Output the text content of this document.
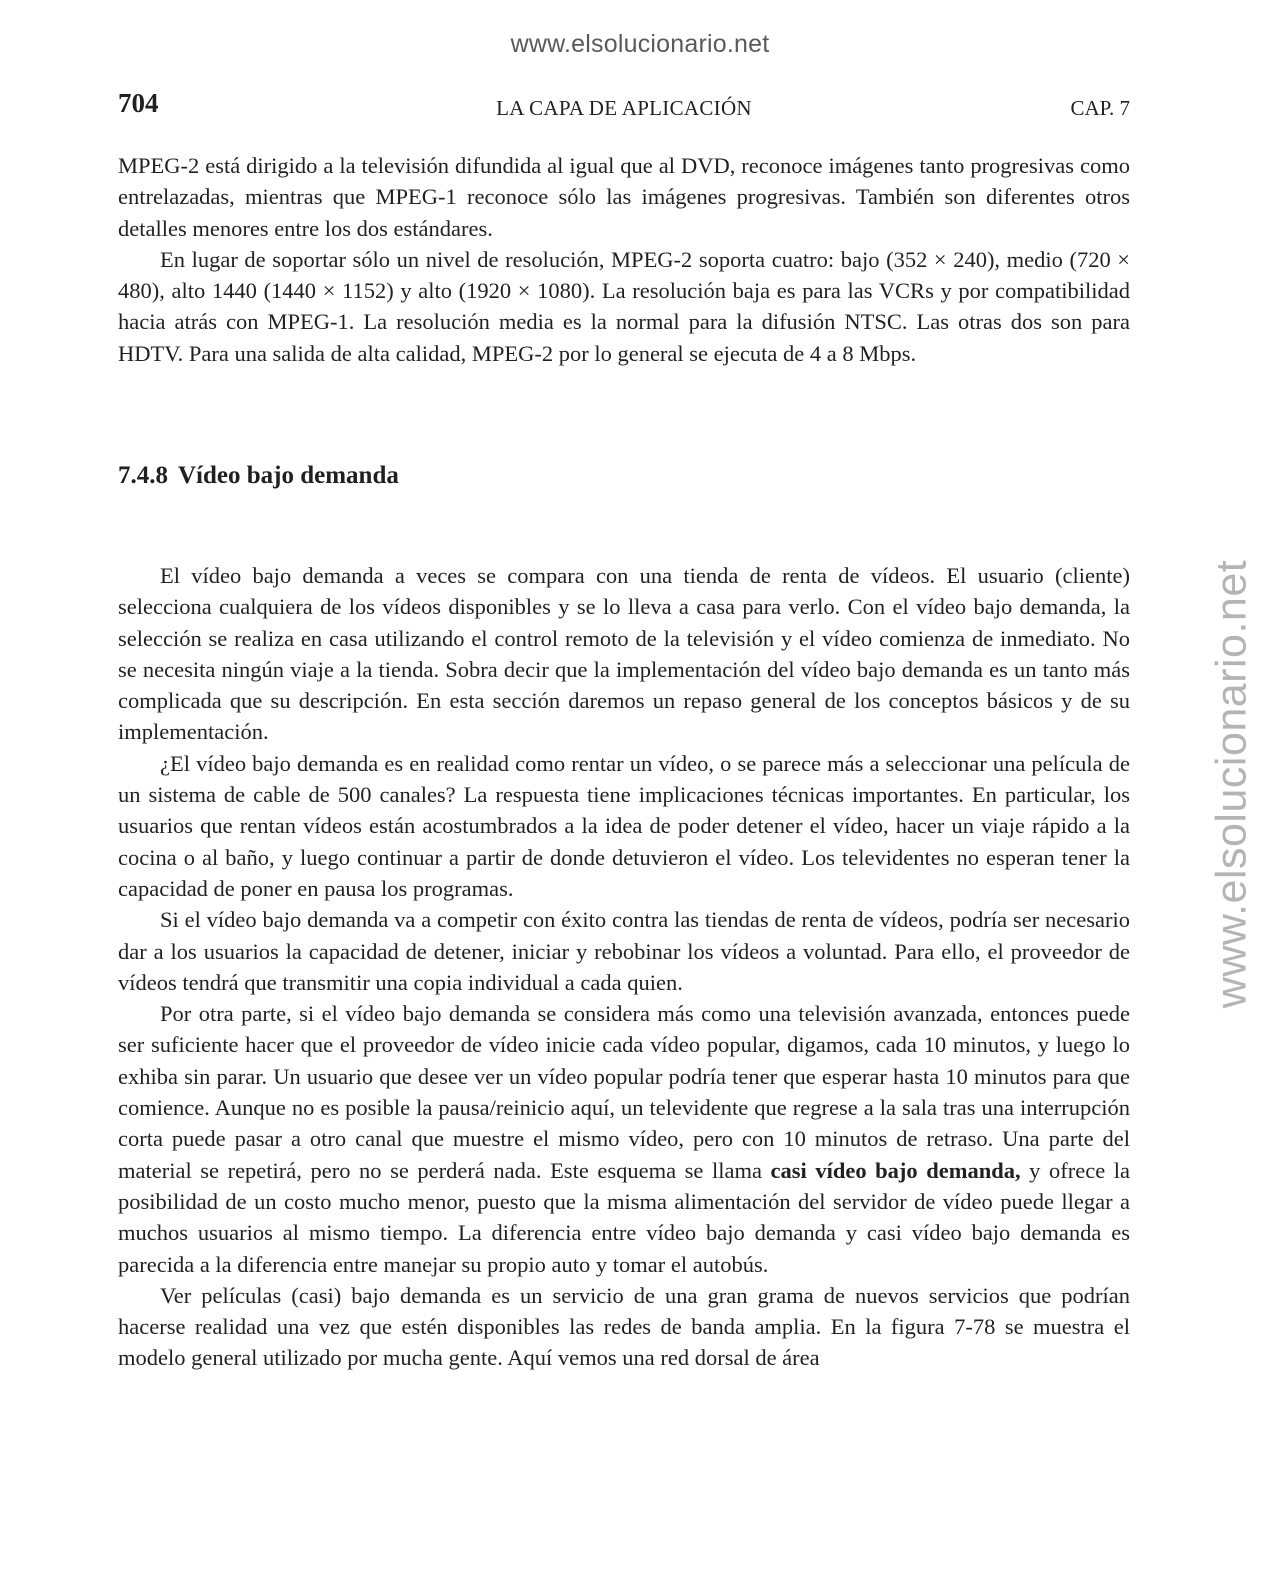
www.elsolucionario.net
www.elsolucionario.net
704	LA CAPA DE APLICACIÓN	CAP. 7

MPEG-2 está dirigido a la televisión difundida al igual que al DVD, reconoce imágenes tanto progresivas como entrelazadas, mientras que MPEG-1 reconoce sólo las imágenes progresivas. También son diferentes otros detalles menores entre los dos estándares.

En lugar de soportar sólo un nivel de resolución, MPEG-2 soporta cuatro: bajo (352 × 240), medio (720 × 480), alto 1440 (1440 × 1152) y alto (1920 × 1080). La resolución baja es para las VCRs y por compatibilidad hacia atrás con MPEG-1. La resolución media es la normal para la difusión NTSC. Las otras dos son para HDTV. Para una salida de alta calidad, MPEG-2 por lo general se ejecuta de 4 a 8 Mbps.

7.4.8 Vídeo bajo demanda

El vídeo bajo demanda a veces se compara con una tienda de renta de vídeos. El usuario (cliente) selecciona cualquiera de los vídeos disponibles y se lo lleva a casa para verlo. Con el vídeo bajo demanda, la selección se realiza en casa utilizando el control remoto de la televisión y el vídeo comienza de inmediato. No se necesita ningún viaje a la tienda. Sobra decir que la implementación del vídeo bajo demanda es un tanto más complicada que su descripción. En esta sección daremos un repaso general de los conceptos básicos y de su implementación.

¿El vídeo bajo demanda es en realidad como rentar un vídeo, o se parece más a seleccionar una película de un sistema de cable de 500 canales? La respuesta tiene implicaciones técnicas importantes. En particular, los usuarios que rentan vídeos están acostumbrados a la idea de poder detener el vídeo, hacer un viaje rápido a la cocina o al baño, y luego continuar a partir de donde detuvieron el vídeo. Los televidentes no esperan tener la capacidad de poner en pausa los programas.

Si el vídeo bajo demanda va a competir con éxito contra las tiendas de renta de vídeos, podría ser necesario dar a los usuarios la capacidad de detener, iniciar y rebobinar los vídeos a voluntad. Para ello, el proveedor de vídeos tendrá que transmitir una copia individual a cada quien.

Por otra parte, si el vídeo bajo demanda se considera más como una televisión avanzada, entonces puede ser suficiente hacer que el proveedor de vídeo inicie cada vídeo popular, digamos, cada 10 minutos, y luego lo exhiba sin parar. Un usuario que desee ver un vídeo popular podría tener que esperar hasta 10 minutos para que comience. Aunque no es posible la pausa/reinicio aquí, un televidente que regrese a la sala tras una interrupción corta puede pasar a otro canal que muestre el mismo vídeo, pero con 10 minutos de retraso. Una parte del material se repetirá, pero no se perderá nada. Este esquema se llama casi vídeo bajo demanda, y ofrece la posibilidad de un costo mucho menor, puesto que la misma alimentación del servidor de vídeo puede llegar a muchos usuarios al mismo tiempo. La diferencia entre vídeo bajo demanda y casi vídeo bajo demanda es parecida a la diferencia entre manejar su propio auto y tomar el autobús.

Ver películas (casi) bajo demanda es un servicio de una gran grama de nuevos servicios que podrían hacerse realidad una vez que estén disponibles las redes de banda amplia. En la figura 7-78 se muestra el modelo general utilizado por mucha gente. Aquí vemos una red dorsal de área
